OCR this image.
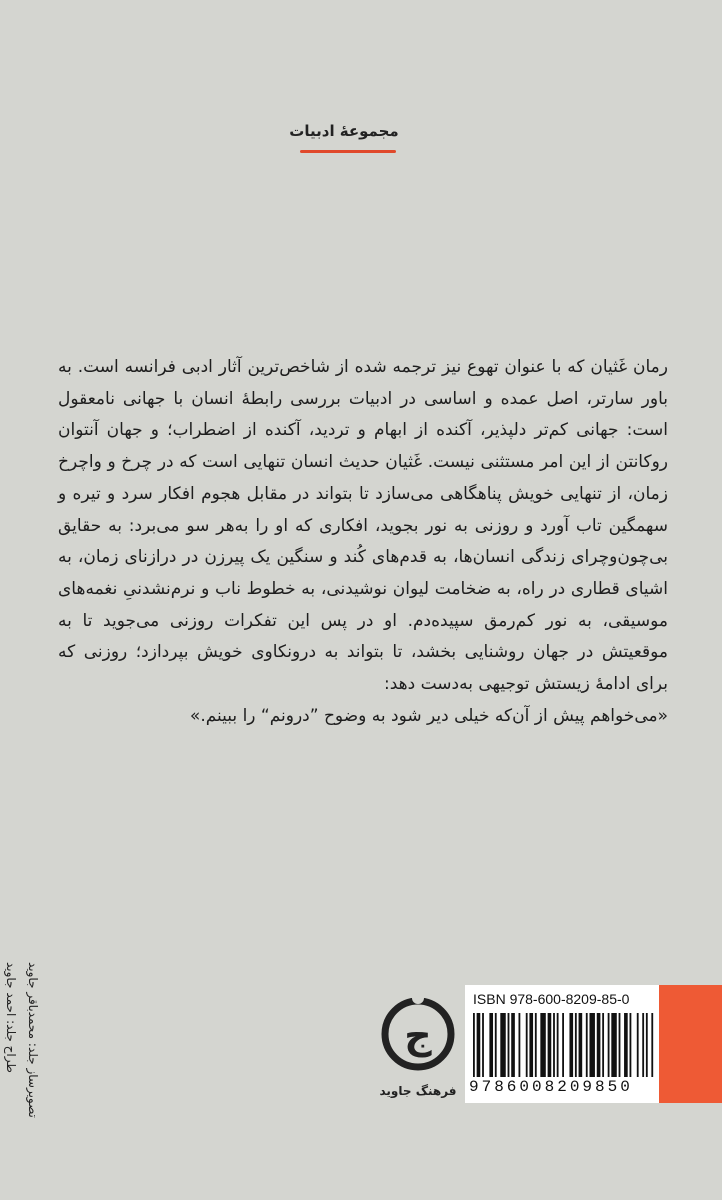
مجموعۀ ادبیات

رمان غَثیان که با عنوان تهوع نیز ترجمه شده از شاخص‌ترین آثار ادبی فرانسه است. به باور سارتر، اصل عمده و اساسی در ادبیات بررسی رابطۀ انسان با جهانی نامعقول است: جهانی کم‌تر دلپذیر، آکنده از ابهام و تردید، آکنده از اضطراب؛ و جهان آنتوان روکانتن از این امر مستثنی نیست. غَثیان حدیث انسان تنهایی است که در چرخ و واچرخ زمان، از تنهایی خویش پناهگاهی می‌سازد تا بتواند در مقابل هجوم افکار سرد و تیره و سهمگین تاب آورد و روزنی به نور بجوید، افکاری که او را به‌هر سو می‌برد: به حقایق بی‌چون‌وچرای زندگی انسان‌ها، به قدم‌های کُند و سنگین یک پیرزن در درازنای زمان، به اشیای قطاری در راه، به ضخامت لیوان نوشیدنی، به خطوط ناب و نرم‌نشدنیِ نغمه‌های موسیقی، به نور کم‌رمق سپیده‌دم. او در پس این تفکرات روزنی می‌جوید تا به موقعیتش در جهان روشنایی بخشد، تا بتواند به درونکاوی خویش بپردازد؛ روزنی که برای ادامۀ زیستش توجیهی به‌دست دهد:
«می‌خواهم پیش از آن‌که خیلی دیر شود به وضوح ”درونم“ را ببینم.»

تصویرساز جلد: محمدباقر جاوید
طراح جلد: احمد جاوید	ج
فرهنگ جاوید
ISBN 978-600-8209-85-0
9786008209850
